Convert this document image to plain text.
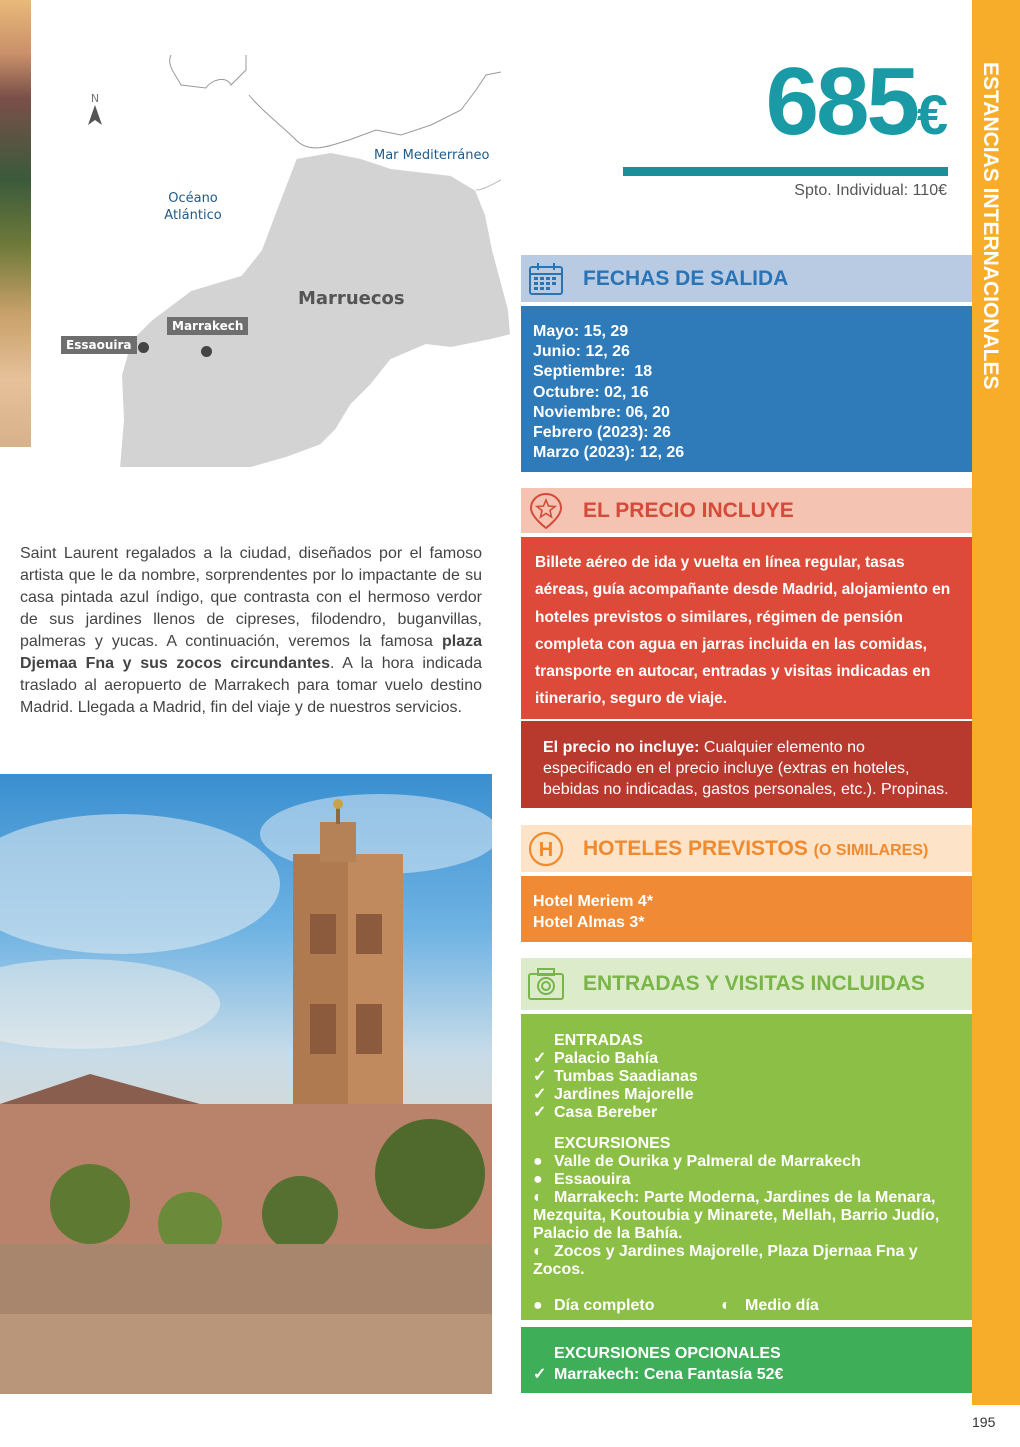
N
Mar Mediterráneo
Océano
Atlántico
Marruecos
Marrakech
Essaouira
Saint Laurent regalados a la ciudad, diseñados por el famoso artista que le da nombre, sorprendentes por lo impactante de su casa pintada azul índigo, que contrasta con el hermoso verdor de sus jardines llenos de cipreses, filodendro, buganvillas, palmeras y yucas. A continuación, veremos la famosa plaza Djemaa Fna y sus zocos circundantes. A la hora indicada traslado al aeropuerto de Marrakech para tomar vuelo destino Madrid. Llegada a Madrid, fin del viaje y de nuestros servicios.
685€
Spto. Individual: 110€
FECHAS DE SALIDA
Mayo: 15, 29
Junio: 12, 26
Septiembre:  18
Octubre: 02, 16
Noviembre: 06, 20
Febrero (2023): 26
Marzo (2023): 12, 26
EL PRECIO INCLUYE
Billete aéreo de ida y vuelta en línea regular, tasas aéreas, guía acompañante desde Madrid, alojamiento en hoteles previstos o similares, régimen de pensión completa con agua en jarras incluida en las comidas, transporte en autocar, entradas y visitas indicadas en itinerario, seguro de viaje.
El precio no incluye: Cualquier elemento no especificado en el precio incluye (extras en hoteles, bebidas no indicadas, gastos personales, etc.). Propinas.
H HOTELES PREVISTOS (O SIMILARES)
Hotel Meriem 4*
Hotel Almas 3*
ENTRADAS Y VISITAS INCLUIDAS
ENTRADAS
✓ Palacio Bahía
✓ Tumbas Saadianas
✓ Jardines Majorelle
✓ Casa Bereber
EXCURSIONES
● Valle de Ourika y Palmeral de Marrakech
● Essaouira
◐ Marrakech: Parte Moderna, Jardines de la Menara, Mezquita, Koutoubia y Minarete, Mellah, Barrio Judío, Palacio de la Bahía.
◐ Zocos y Jardines Majorelle, Plaza Djernaa Fna y Zocos.
● Día completo	◐ Medio día
EXCURSIONES OPCIONALES
✓ Marrakech: Cena Fantasía 52€
ESTANCIAS INTERNACIONALES
195
